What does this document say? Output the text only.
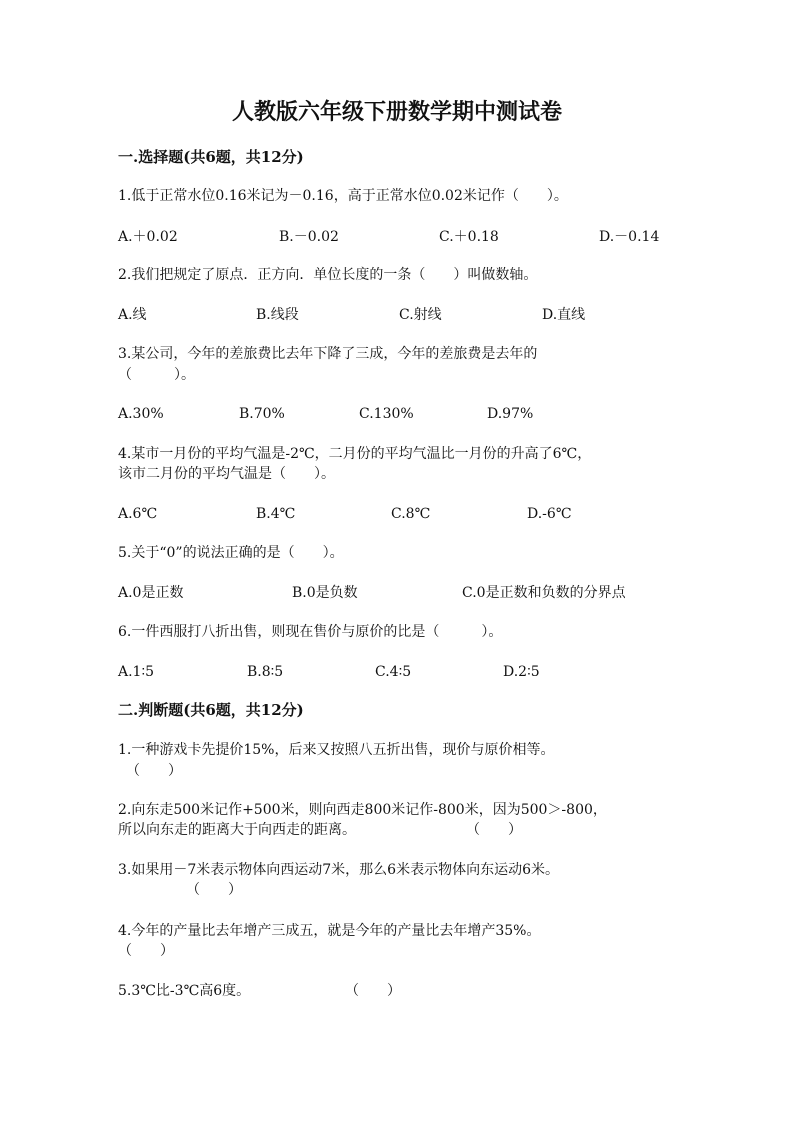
人教版六年级下册数学期中测试卷
一.选择题(共6题，共12分)
1.低于正常水位0.16米记为－0.16，高于正常水位0.02米记作（　　）。
A.＋0.02	B.－0.02	C.＋0.18	D.－0.14
2.我们把规定了原点．正方向．单位长度的一条（　　）叫做数轴。
A.线	B.线段	C.射线	D.直线
3.某公司，今年的差旅费比去年下降了三成，今年的差旅费是去年的
（　　　）。
A.30%	B.70%	C.130%	D.97%
4.某市一月份的平均气温是-2℃，二月份的平均气温比一月份的升高了6℃，
该市二月份的平均气温是（　　）。
A.6℃	B.4℃	C.8℃	D.-6℃
5.关于“0”的说法正确的是（　　）。
A.0是正数	B.0是负数	C.0是正数和负数的分界点
6.一件西服打八折出售，则现在售价与原价的比是（　　　）。
A.1∶5	B.8∶5	C.4∶5	D.2∶5
二.判断题(共6题，共12分)
1.一种游戏卡先提价15%，后来又按照八五折出售，现价与原价相等。
（　　）
2.向东走500米记作+500米，则向西走800米记作-800米，因为500＞-800，
所以向东走的距离大于向西走的距离。	（　　）
3.如果用－7米表示物体向西运动7米，那么6米表示物体向东运动6米。
（　　）
4.今年的产量比去年增产三成五，就是今年的产量比去年增产35%。
（　　）
5.3℃比-3℃高6度。	（　　）
